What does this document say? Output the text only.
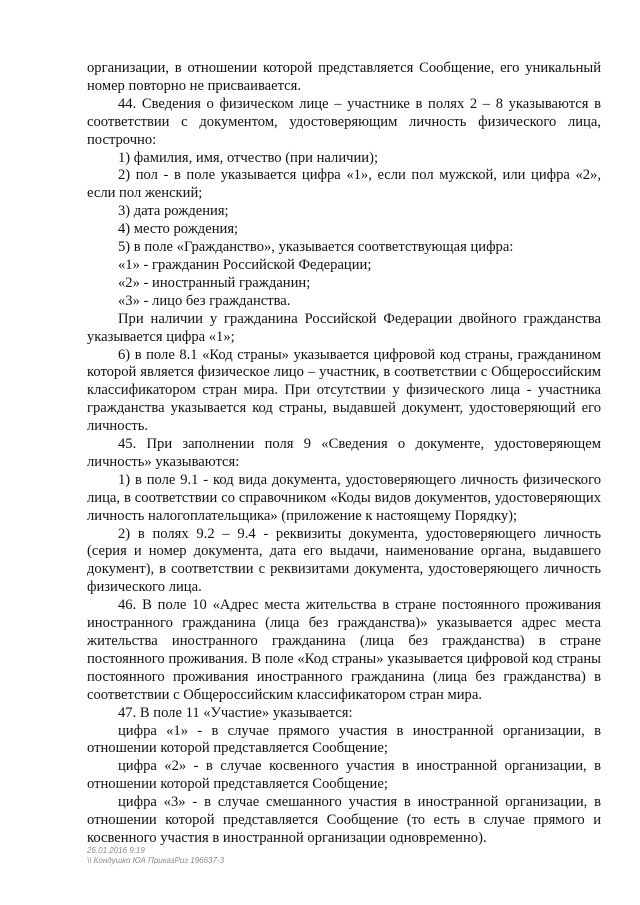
организации, в отношении которой представляется Сообщение, его уникальный номер повторно не присваивается.

44. Сведения о физическом лице – участнике в полях 2 – 8 указываются в соответствии с документом, удостоверяющим личность физического лица, построчно:

1) фамилия, имя, отчество (при наличии);

2) пол - в поле указывается цифра «1», если пол мужской, или цифра «2», если пол женский;

3) дата рождения;

4) место рождения;

5) в поле «Гражданство», указывается соответствующая цифра:

«1» - гражданин Российской Федерации;

«2» - иностранный гражданин;

«3» - лицо без гражданства.

При наличии у гражданина Российской Федерации двойного гражданства указывается цифра «1»;

6) в поле 8.1 «Код страны» указывается цифровой код страны, гражданином которой является физическое лицо – участник, в соответствии с Общероссийским классификатором стран мира. При отсутствии у физического лица - участника гражданства указывается код страны, выдавшей документ, удостоверяющий его личность.

45. При заполнении поля 9 «Сведения о документе, удостоверяющем личность» указываются:

1) в поле 9.1 - код вида документа, удостоверяющего личность физического лица, в соответствии со справочником «Коды видов документов, удостоверяющих личность налогоплательщика» (приложение к настоящему Порядку);

2) в полях 9.2 – 9.4 - реквизиты документа, удостоверяющего личность (серия и номер документа, дата его выдачи, наименование органа, выдавшего документ), в соответствии с реквизитами документа, удостоверяющего личность физического лица.

46. В поле 10 «Адрес места жительства в стране постоянного проживания иностранного гражданина (лица без гражданства)» указывается адрес места жительства иностранного гражданина (лица без гражданства) в стране постоянного проживания. В поле «Код страны» указывается цифровой код страны постоянного проживания иностранного гражданина (лица без гражданства) в соответствии с Общероссийским классификатором стран мира.

47. В поле 11 «Участие» указывается:

цифра «1» - в случае прямого участия в иностранной организации, в отношении которой представляется Сообщение;

цифра «2» - в случае косвенного участия в иностранной организации, в отношении которой представляется Сообщение;

цифра «3» - в случае смешанного участия в иностранной организации, в отношении которой представляется Сообщение (то есть в случае прямого и косвенного участия в иностранной организации одновременно).

26.01.2016 9:19
\\ Кондушко ЮА ПриказРиз 196637-3
